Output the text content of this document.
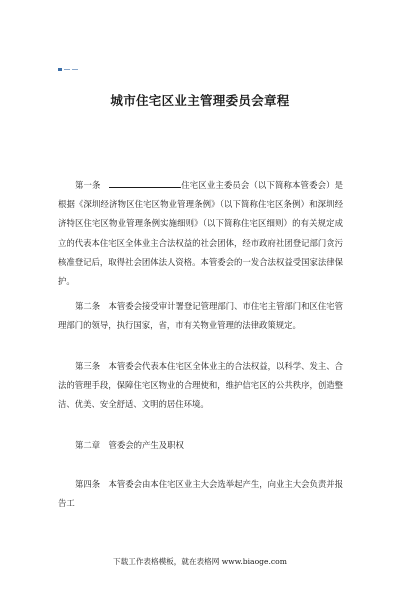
城市住宅区业主管理委员会章程

第一条　	住宅区业主委员会（以下简称本管委会）是根据《深圳经济物区住宅区物业管理条例》（以下简称住宅区条例）和深圳经济特区住宅区物业管理条例实施细则》（以下简称住宅区细则）的有关规定成立的代表本住宅区全体业主合法权益的社会团体，经市政府社团登记部门贪污核准登记后，取得社会团体法人资格。本管委会的一发合法权益受国家法律保护。

第二条　本管委会接受审计署登记管理部门、市住宅主管部门和区住宅管理部门的领导，执行国家，省，市有关物业管理的法律政策规定。

第三条　本管委会代表本住宅区全体业主的合法权益，以科学、发主、合法的管理手段，保障住宅区物业的合理使和，维护信宅区的公共秩序，创造整洁、优美、安全舒适、文明的居住环境。

第二章　管委会的产生及职权

第四条　本管委会由本住宅区业主大会选举起产生，向业主大会负责并报告工

下载工作表格模板，就在表格网 www.biaoge.com
